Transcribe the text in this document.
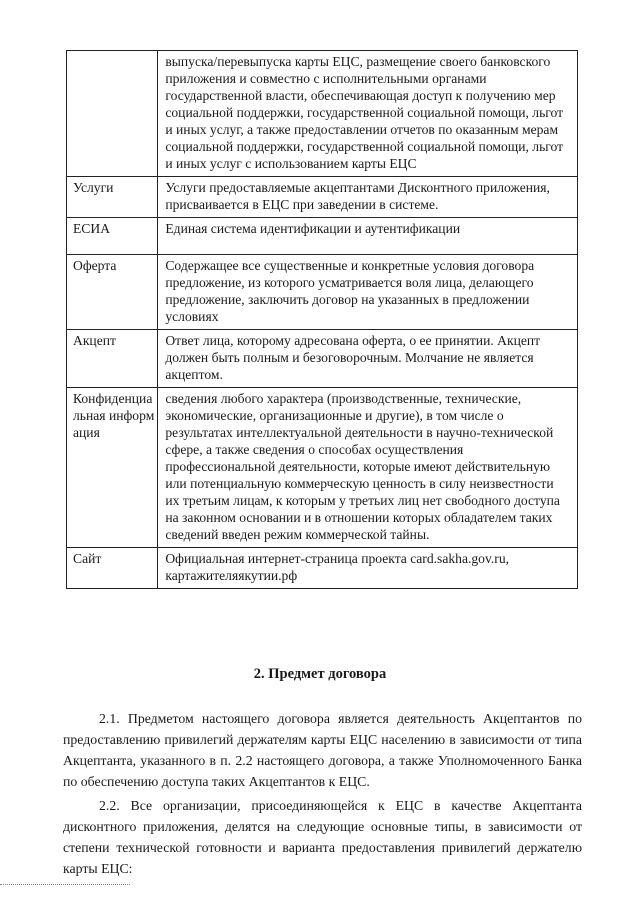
	выпуска/перевыпуска карты ЕЦС, размещение своего банковского приложения и совместно с исполнительными органами государственной власти, обеспечивающая доступ к получению мер социальной поддержки, государственной социальной помощи, льгот и иных услуг, а также предоставлении отчетов по оказанным мерам социальной поддержки, государственной социальной помощи, льгот и иных услуг с использованием карты ЕЦС
Услуги	Услуги предоставляемые акцептантами Дисконтного приложения, присваивается в ЕЦС при заведении в системе.
ЕСИА	Единая система идентификации и аутентификации
Оферта	Содержащее все существенные и конкретные условия договора предложение, из которого усматривается воля лица, делающего предложение, заключить договор на указанных в предложении условиях
Акцепт	Ответ лица, которому адресована оферта, о ее принятии. Акцепт должен быть полным и безоговорочным. Молчание не является акцептом.
Конфиденциальная информация	сведения любого характера (производственные, технические, экономические, организационные и другие), в том числе о результатах интеллектуальной деятельности в научно-технической сфере, а также сведения о способах осуществления профессиональной деятельности, которые имеют действительную или потенциальную коммерческую ценность в силу неизвестности их третьим лицам, к которым у третьих лиц нет свободного доступа на законном основании и в отношении которых обладателем таких сведений введен режим коммерческой тайны.
Сайт	Официальная интернет-страница проекта card.sakha.gov.ru, картажителяякутии.рф
2. Предмет договора
2.1. Предметом настоящего договора является деятельность Акцептантов по предоставлению привилегий держателям карты ЕЦС населению в зависимости от типа Акцептанта, указанного в п. 2.2 настоящего договора, а также Уполномоченного Банка по обеспечению доступа таких Акцептантов к ЕЦС.
2.2. Все организации, присоединяющейся к ЕЦС в качестве Акцептанта дисконтного приложения, делятся на следующие основные типы, в зависимости от степени технической готовности и варианта предоставления привилегий держателю карты ЕЦС:
